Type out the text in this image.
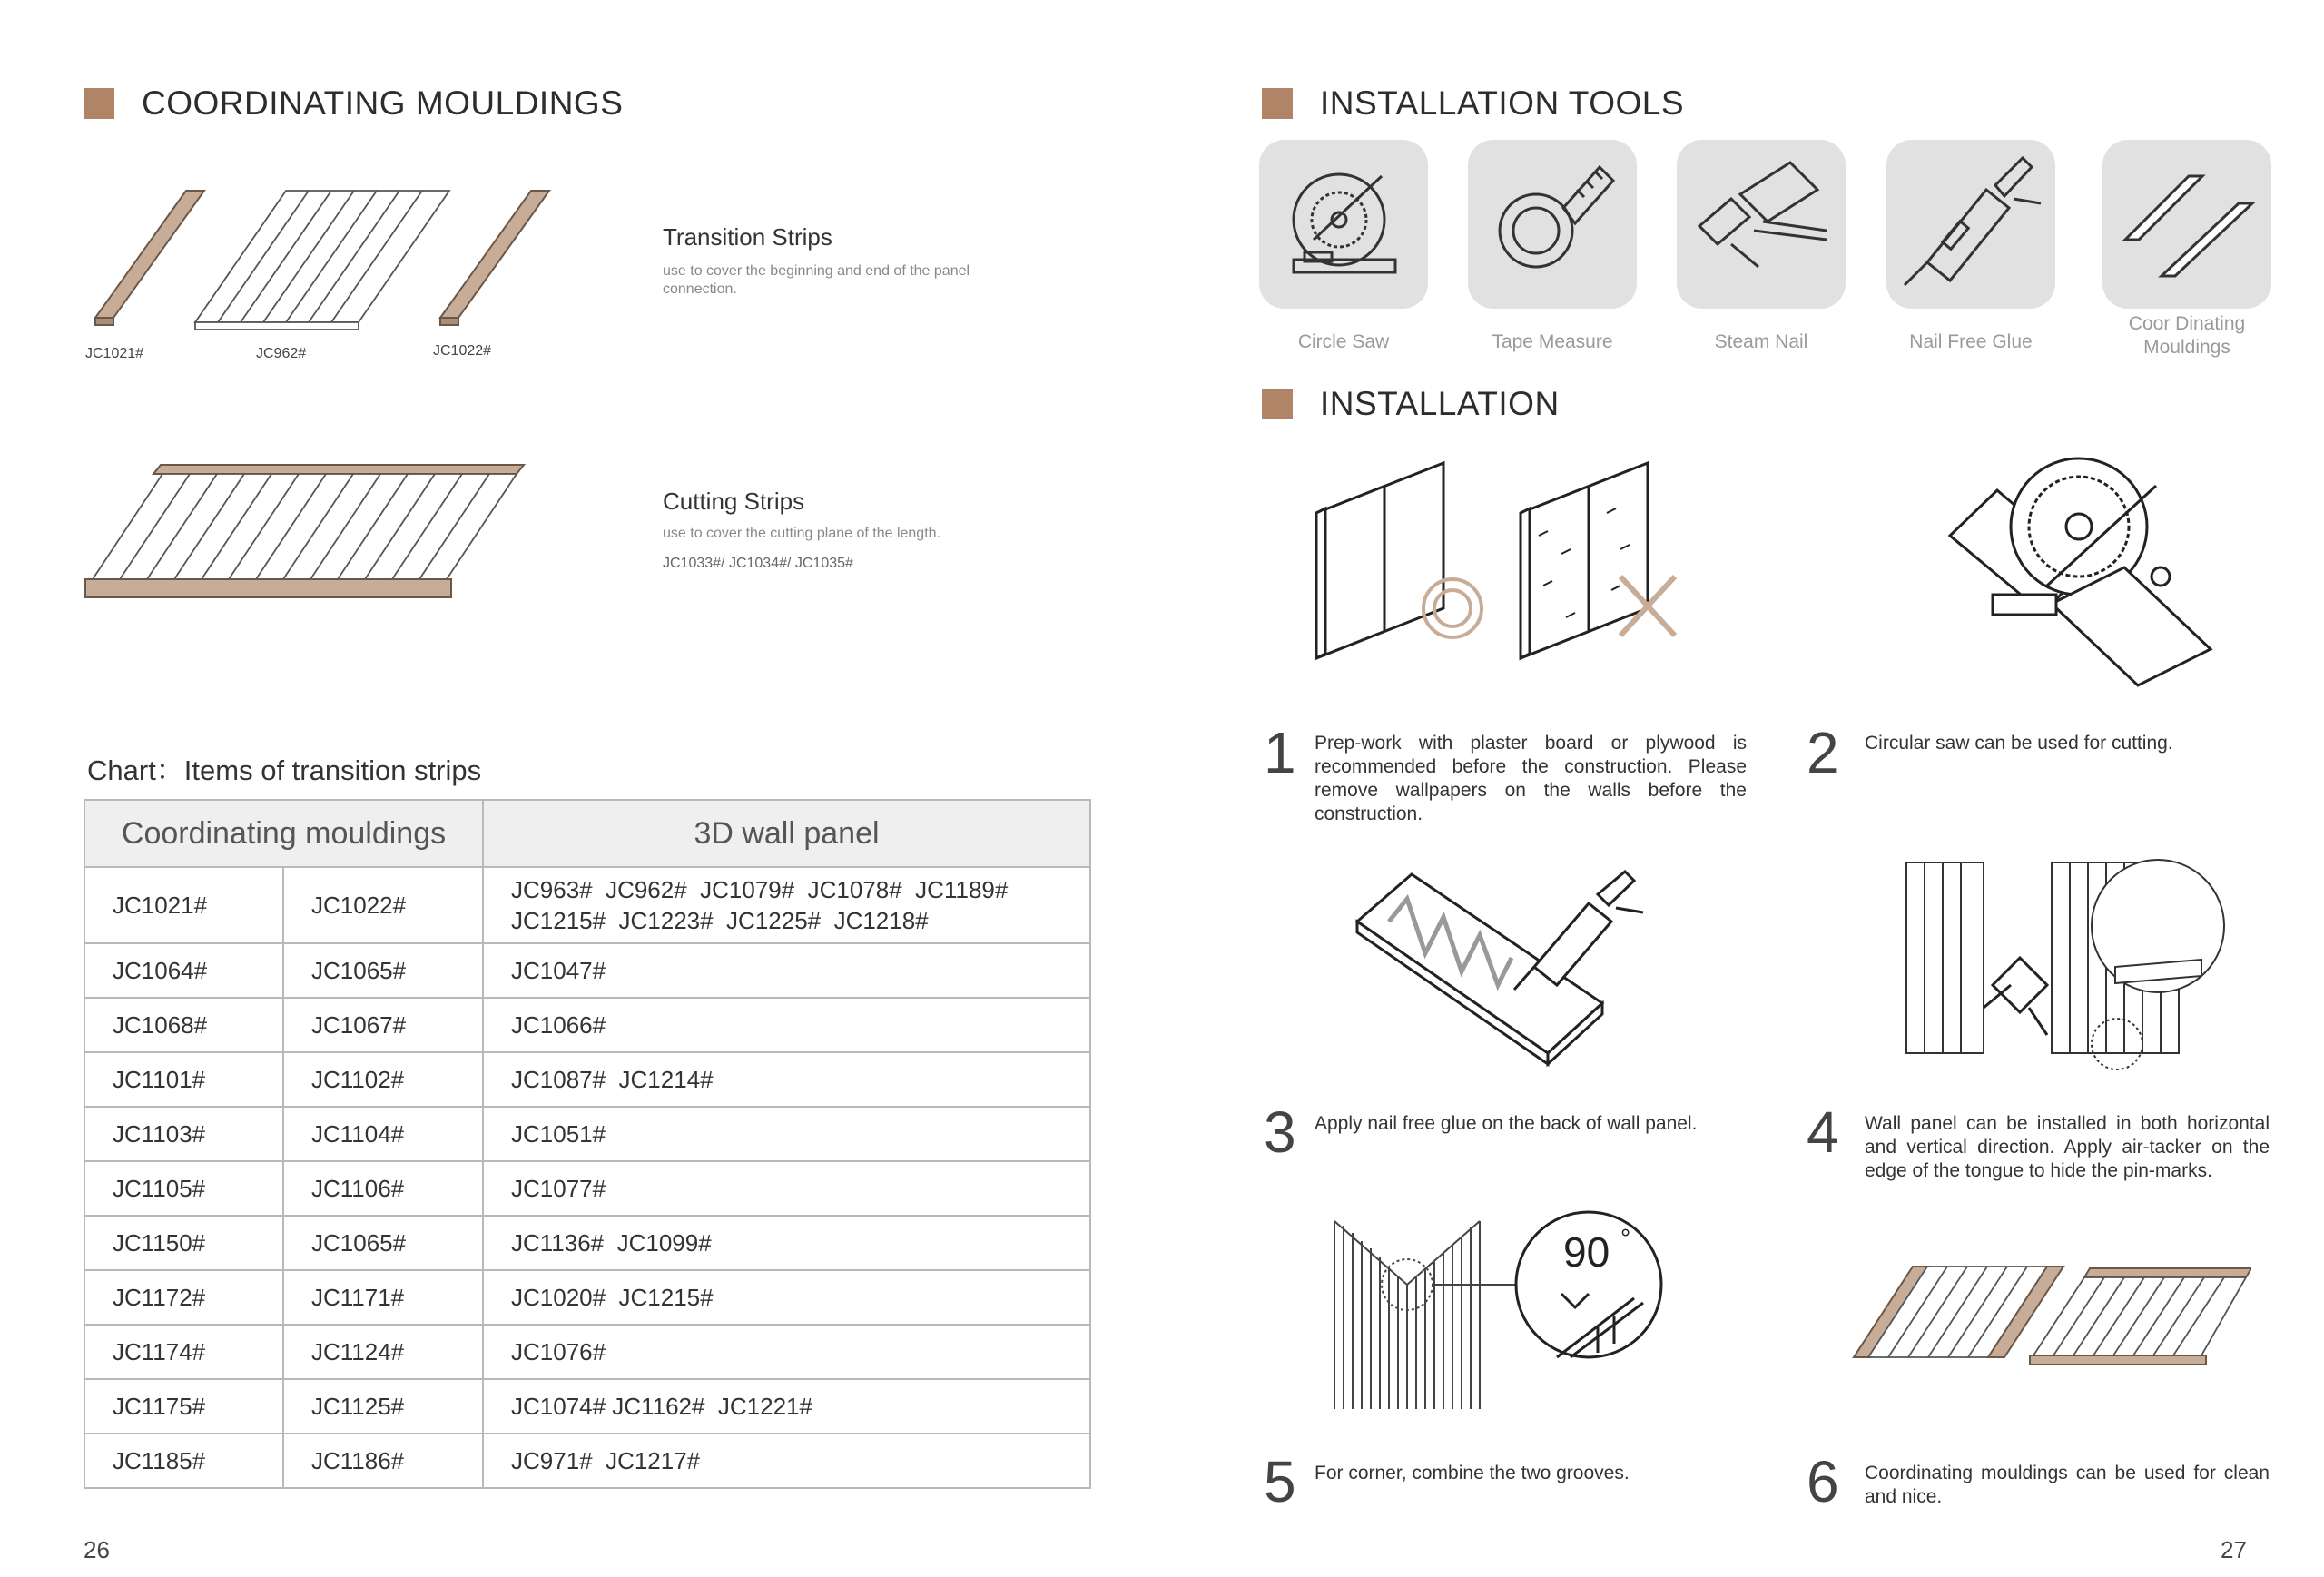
COORDINATING MOULDINGS
JC1021#	JC962#	JC1022#
Transition Strips
use to cover the beginning and end of the panel connection.
Cutting Strips
use to cover the cutting plane of the length.
JC1033#/ JC1034#/ JC1035#
Chart：Items of transition strips
Coordinating mouldings		3D wall panel
JC1021#	JC1022#	JC963#  JC962#  JC1079#  JC1078#  JC1189#
JC1215#  JC1223#  JC1225#  JC1218#

JC1064#	JC1065#	JC1047#

JC1068#	JC1067#	JC1066#

JC1101#	JC1102#	JC1087#  JC1214#

JC1103#	JC1104#	JC1051#

JC1105#	JC1106#	JC1077#

JC1150#	JC1065#	JC1136#  JC1099#

JC1172#	JC1171#	JC1020#  JC1215#

JC1174#	JC1124#	JC1076#

JC1175#	JC1125#	JC1074# JC1162#  JC1221#

JC1185#	JC1186#	JC971#  JC1217#
26
INSTALLATION TOOLS
Circle Saw	Tape Measure	Steam Nail	Nail Free Glue
Coor Dinating Mouldings
INSTALLATION
1 Prep-work with plaster board or plywood is recommended before the construction. Please remove wallpapers on the walls before the construction.
2 Circular saw can be used for cutting.
3 Apply nail free glue on the back of wall panel.	4 Wall panel can be installed in both horizontal and vertical direction. Apply air-tacker on the edge of the tongue to hide the pin-marks.
90 °
5 For corner, combine the two grooves.	6 Coordinating mouldings can be used for clean and nice.
27
